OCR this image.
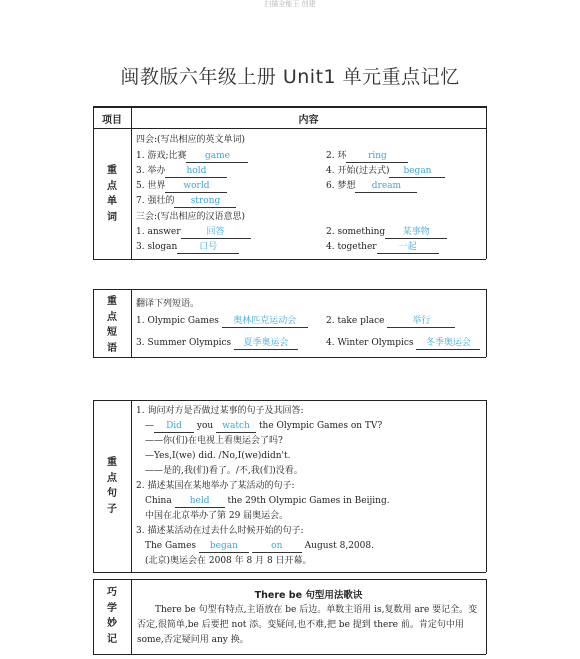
扫描全能王 创建
闽教版六年级上册 Unit1 单元重点记忆
项目	内容
重
点
单
词
四会:(写出相应的英文单词)
1. 游戏;比赛 game	2. 环 ring
3. 举办 hold	4. 开始(过去式) began
5. 世界 world	6. 梦想 dream
7. 强壮的 strong
三会:(写出相应的汉语意思)
1. answer	回答	2. something 某事物
3. slogan 口号	4. together 一起
重
点
短
语
翻译下列短语。
1. Olympic Games 奥林匹克运动会	2. take place	举行
3. Summer Olympics 夏季奥运会	4. Winter Olympics 冬季奥运会
重
点
句
子
1. 询问对方是否做过某事的句子及其回答:
— Did you watch the Olympic Games on TV?
——你(们)在电视上看奥运会了吗?
—Yes,I(we) did. /No,I(we)didn't.
——是的,我(们)看了。/不,我(们)没看。
2. 描述某国在某地举办了某活动的句子:
China held the 29th Olympic Games in Beijing.
中国在北京举办了第 29 届奥运会。
3. 描述某活动在过去什么时候开始的句子:
The Games began	on August 8,2008.
(北京)奥运会在 2008 年 8 月 8 日开幕。
巧
学
妙
记
There be 句型用法歌诀
There be 句型有特点,主语放在 be 后边。单数主语用 is,复数用 are 要记全。变否定,很简单,be 后要把 not 添。变疑问,也不难,把 be 提到 there 前。肯定句中用 some,否定疑问用 any 换。
